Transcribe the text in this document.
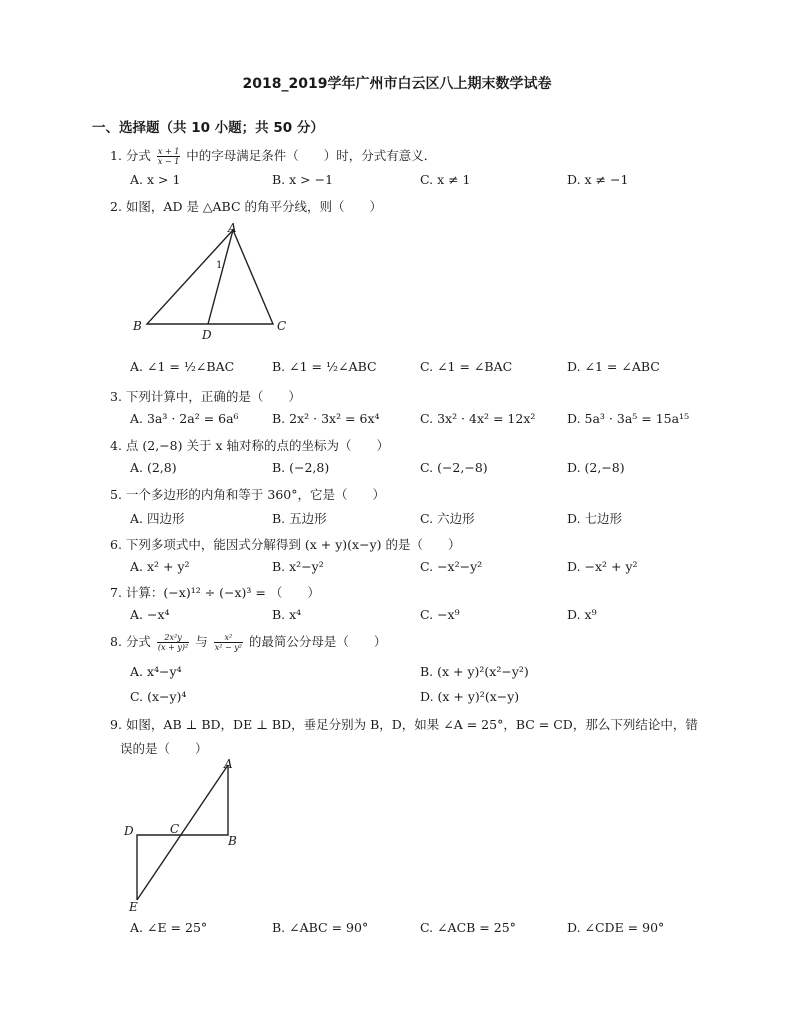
2018_2019学年广州市白云区八上期末数学试卷
一、选择题（共 10 小题；共 50 分）
1. 分式 $\frac{x + 1}{x - 1}$ 中的字母满足条件（　　）时，分式有意义．
A. x > 1	B. x > −1	C. x ≠ 1	D. x ≠ −1
2. 如图，AD 是 △ABC 的角平分线，则（　　）
A
B	C
D
1
A. ∠1 = ½∠BAC	B. ∠1 = ½∠ABC	C. ∠1 = ∠BAC	D. ∠1 = ∠ABC
3. 下列计算中，正确的是（　　）
A. 3a³ · 2a² = 6a⁶	B. 2x² · 3x² = 6x⁴	C. 3x² · 4x² = 12x²	D. 5a³ · 3a⁵ = 15a¹⁵
4. 点 (2,−8) 关于 x 轴对称的点的坐标为（　　）
A. (2,8)	B. (−2,8)	C. (−2,−8)	D. (2,−8)
5. 一个多边形的内角和等于 360°，它是（　　）
A. 四边形	B. 五边形	C. 六边形	D. 七边形
6. 下列多项式中，能因式分解得到 (x + y)(x−y) 的是（　　）
A. x² + y²	B. x²−y²	C. −x²−y²	D. −x² + y²
7. 计算：(−x)¹² ÷ (−x)³ = （　　）
A. −x⁴	B. x⁴	C. −x⁹	D. x⁹
8. 分式 $\frac{\text{2x²y}}{\text{(x + y)²}}$ 与 $\frac{\text{x²}}{\text{x² − y²}}$ 的最简公分母是（　　）
A. x⁴−y⁴	B. (x + y)²(x²−y²)
C. (x−y)⁴	D. (x + y)²(x−y)
9. 如图，AB ⊥ BD，DE ⊥ BD，垂足分别为 B，D，如果 ∠A = 25°，BC = CD，那么下列结论中，错
误的是（　　）
A
B
C
D
E
A. ∠E = 25°	B. ∠ABC = 90°	C. ∠ACB = 25°	D. ∠CDE = 90°
